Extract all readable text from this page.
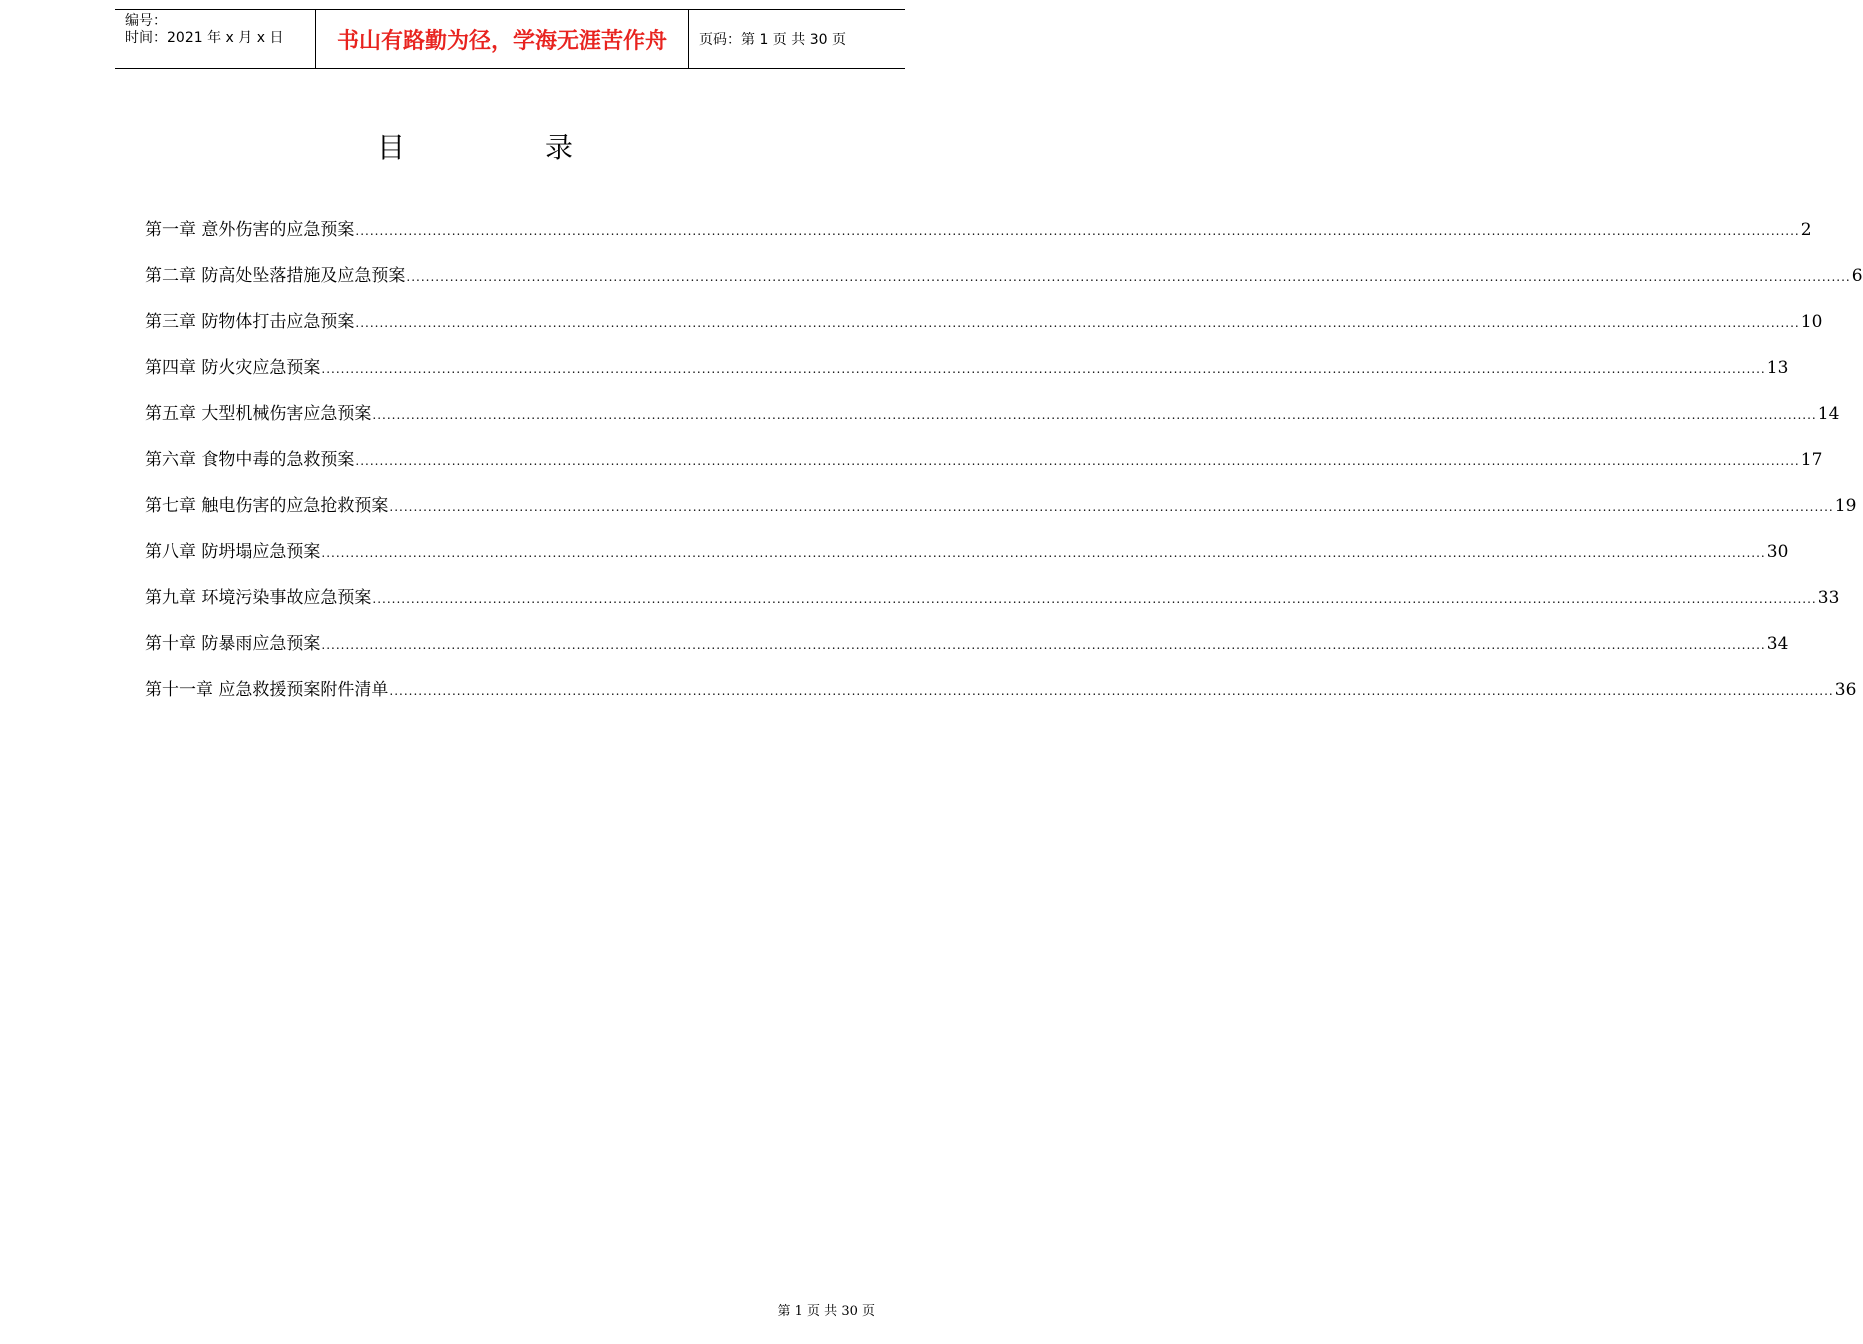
编号：
时间：2021 年 x 月 x 日	书山有路勤为径，学海无涯苦作舟	页码：第 1 页 共 30 页
目录
第一章 意外伤害的应急预案 ............................................................................................................................................................................................................................................................................................................ 2
第二章 防高处坠落措施及应急预案 ............................................................................................................................................................................................................................................................................................................ 6
第三章 防物体打击应急预案 ............................................................................................................................................................................................................................................................................................................ 10
第四章 防火灾应急预案 ............................................................................................................................................................................................................................................................................................................ 13
第五章 大型机械伤害应急预案 ............................................................................................................................................................................................................................................................................................................ 14
第六章 食物中毒的急救预案 ............................................................................................................................................................................................................................................................................................................ 17
第七章 触电伤害的应急抢救预案 ............................................................................................................................................................................................................................................................................................................ 19
第八章 防坍塌应急预案 ............................................................................................................................................................................................................................................................................................................ 30
第九章 环境污染事故应急预案 ............................................................................................................................................................................................................................................................................................................ 33
第十章 防暴雨应急预案 ............................................................................................................................................................................................................................................................................................................ 34
第十一章 应急救援预案附件清单 ............................................................................................................................................................................................................................................................................................................ 36
第 1 页 共 30 页
